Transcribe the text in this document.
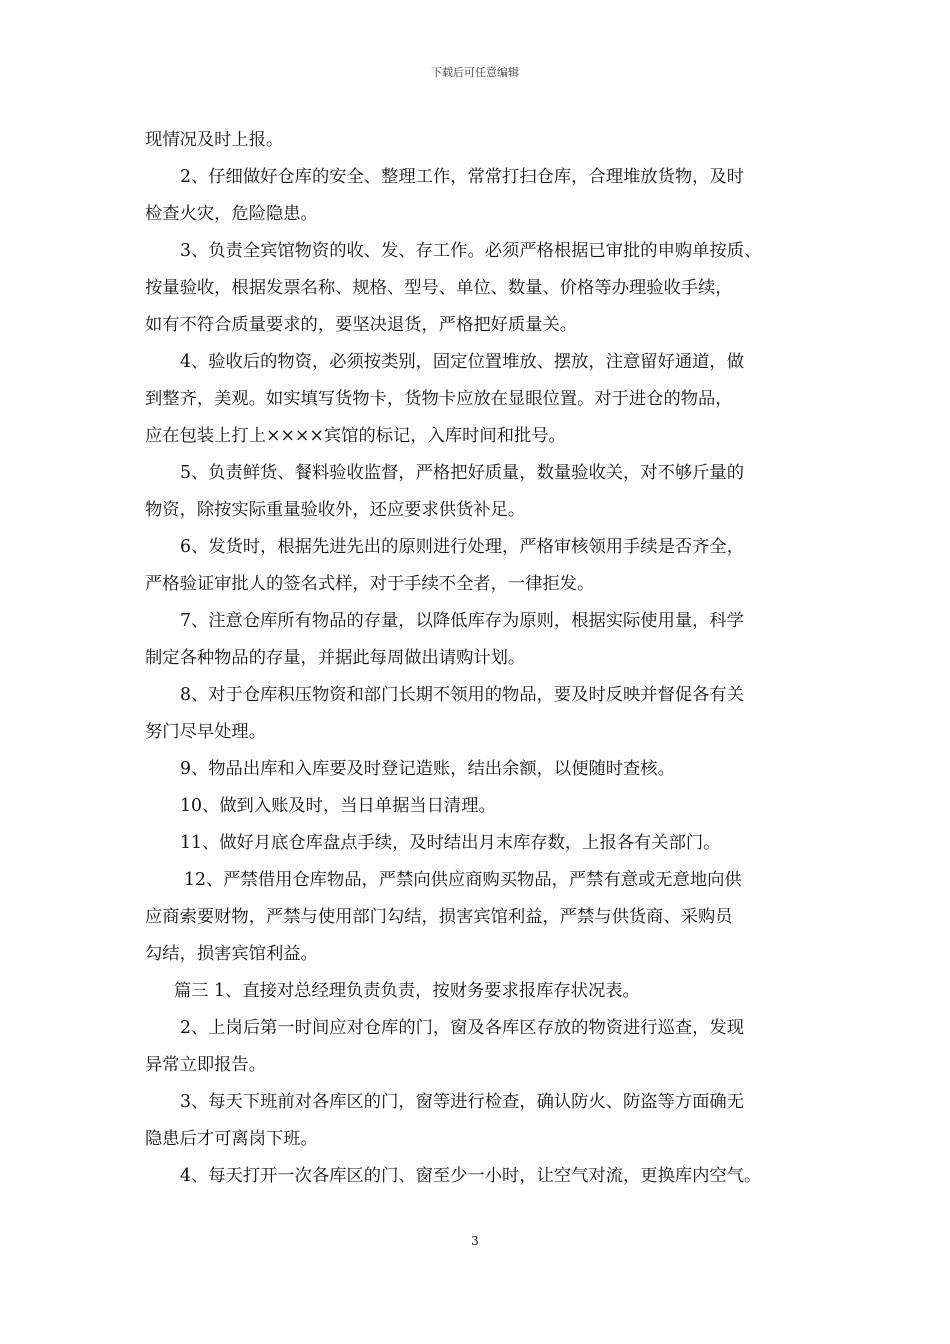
下载后可任意编辑
现情况及时上报。
2、仔细做好仓库的安全、整理工作，常常打扫仓库，合理堆放货物，及时
检查火灾，危险隐患。
3、负责全宾馆物资的收、发、存工作。必须严格根据已审批的申购单按质、
按量验收，根据发票名称、规格、型号、单位、数量、价格等办理验收手续，
如有不符合质量要求的，要坚决退货，严格把好质量关。
4、验收后的物资，必须按类别，固定位置堆放、摆放，注意留好通道，做
到整齐，美观。如实填写货物卡，货物卡应放在显眼位置。对于进仓的物品，
应在包装上打上××××宾馆的标记，入库时间和批号。
5、负责鲜货、餐料验收监督，严格把好质量，数量验收关，对不够斤量的
物资，除按实际重量验收外，还应要求供货补足。
6、发货时，根据先进先出的原则进行处理，严格审核领用手续是否齐全，
严格验证审批人的签名式样，对于手续不全者，一律拒发。
7、注意仓库所有物品的存量，以降低库存为原则，根据实际使用量，科学
制定各种物品的存量，并据此每周做出请购计划。
8、对于仓库积压物资和部门长期不领用的物品，要及时反映并督促各有关
努门尽早处理。
9、物品出库和入库要及时登记造账，结出余额，以便随时查核。
10、做到入账及时，当日单据当日清理。
11、做好月底仓库盘点手续，及时结出月末库存数，上报各有关部门。
12、严禁借用仓库物品，严禁向供应商购买物品，严禁有意或无意地向供
应商索要财物，严禁与使用部门勾结，损害宾馆利益，严禁与供货商、采购员
勾结，损害宾馆利益。
篇三 1、直接对总经理负责负责，按财务要求报库存状况表。
2、上岗后第一时间应对仓库的门，窗及各库区存放的物资进行巡查，发现
异常立即报告。
3、每天下班前对各库区的门，窗等进行检查，确认防火、防盗等方面确无
隐患后才可离岗下班。
4、每天打开一次各库区的门、窗至少一小时，让空气对流，更换库内空气。
3
